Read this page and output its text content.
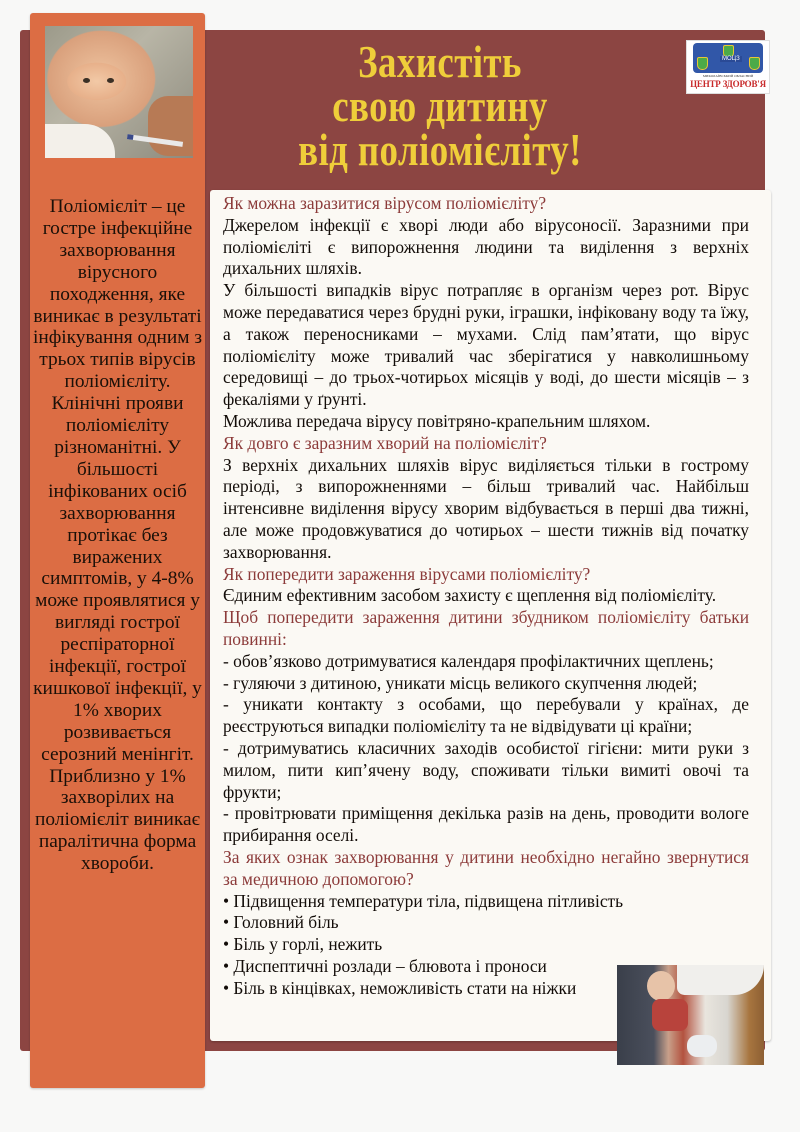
Поліомієліт – це гостре інфекційне захворювання вірусного походження, яке виникає в результаті інфікування одним з трьох типів вірусів поліомієліту. Клінічні прояви поліомієліту різноманітні. У більшості інфікованих осіб захворювання протікає без виражених симптомів, у 4-8% може проявлятися у вигляді гострої респіраторної інфекції, гострої кишкової інфекції, у 1% хворих розвивається серозний менінгіт. Приблизно у 1% захворілих на поліомієліт виникає паралітична форма хвороби.
Захистіть
свою дитину
від поліомієліту!
МОЦЗ
МИКОЛАЇВСЬКИЙ ОБЛАСНИЙ
ЦЕНТР ЗДОРОВ'Я

Як можна заразитися вірусом поліомієліту?

Джерелом інфекції є хворі люди або вірусоносії. Заразними при поліомієліті є випорожнення людини та виділення з верхніх дихальних шляхів.

У більшості випадків вірус потрапляє в організм через рот. Вірус може передаватися через брудні руки, іграшки, інфіковану воду та їжу, а також переносниками – мухами. Слід пам’ятати, що вірус поліомієліту може тривалий час зберігатися у навколишньому середовищі – до трьох-чотирьох місяців у воді, до шести місяців – з фекаліями у ґрунті.

Можлива передача вірусу повітряно-крапельним шляхом.

Як довго є заразним хворий на поліомієліт?

З верхніх дихальних шляхів вірус виділяється тільки в гострому періоді, з випорожненнями – більш тривалий час. Найбільш інтенсивне виділення вірусу хворим відбувається в перші два тижні, але може продовжуватися до чотирьох – шести тижнів від початку захворювання.

Як попередити зараження вірусами поліомієліту?

Єдиним ефективним засобом захисту є щеплення від поліомієліту.

Щоб попередити зараження дитини збудником поліомієліту батьки повинні:

- обов’язково дотримуватися календаря профілактичних щеплень;

- гуляючи з дитиною, уникати місць великого скупчення людей;

- уникати контакту з особами, що перебували у країнах, де реєструються випадки поліомієліту та не відвідувати ці країни;

- дотримуватись класичних заходів особистої гігієни: мити руки з милом, пити кип’ячену воду, споживати тільки вимиті овочі та фрукти;

- провітрювати приміщення декілька разів на день, проводити вологе прибирання оселі.

За яких ознак захворювання у дитини необхідно негайно звернутися за медичною допомогою?

• Підвищення температури тіла, підвищена пітливість
• Головний біль
• Біль у горлі, нежить
• Диспептичні розлади – блювота і проноси
• Біль в кінцівках, неможливість стати на ніжки
